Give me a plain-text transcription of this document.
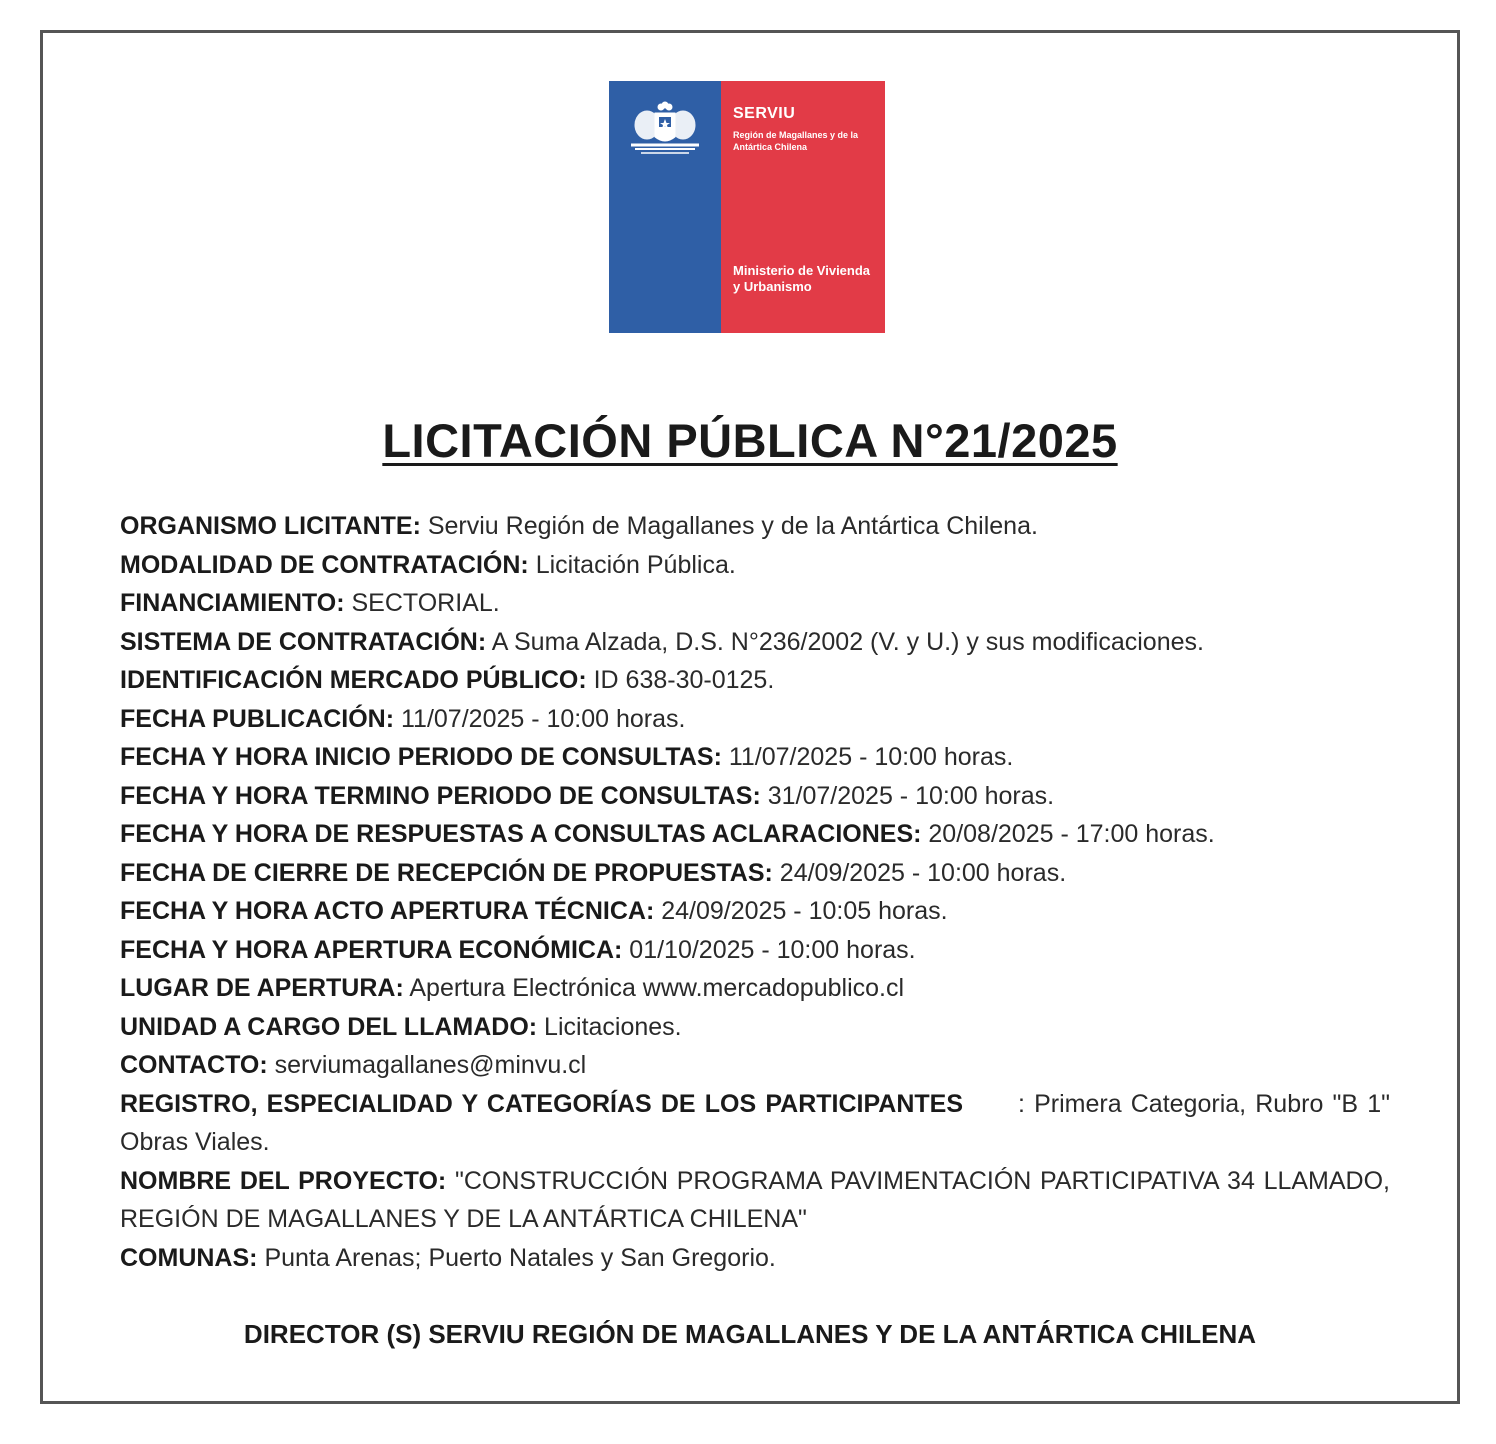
SERVIU
Región de Magallanes y de la Antártica Chilena
Ministerio de Vivienda y Urbanismo
LICITACIÓN PÚBLICA N°21/2025
ORGANISMO LICITANTE: Serviu Región de Magallanes y de la Antártica Chilena.
MODALIDAD DE CONTRATACIÓN: Licitación Pública.
FINANCIAMIENTO: SECTORIAL.
SISTEMA DE CONTRATACIÓN: A Suma Alzada, D.S. N°236/2002 (V. y U.) y sus modificaciones.
IDENTIFICACIÓN MERCADO PÚBLICO: ID 638-30-0125.
FECHA PUBLICACIÓN: 11/07/2025 - 10:00 horas.
FECHA Y HORA INICIO PERIODO DE CONSULTAS: 11/07/2025 - 10:00 horas.
FECHA Y HORA TERMINO PERIODO DE CONSULTAS: 31/07/2025 - 10:00 horas.
FECHA Y HORA DE RESPUESTAS A CONSULTAS ACLARACIONES: 20/08/2025 - 17:00 horas.
FECHA DE CIERRE DE RECEPCIÓN DE PROPUESTAS: 24/09/2025 - 10:00 horas.
FECHA Y HORA ACTO APERTURA TÉCNICA: 24/09/2025 - 10:05 horas.
FECHA Y HORA APERTURA ECONÓMICA: 01/10/2025 - 10:00 horas.
LUGAR DE APERTURA: Apertura Electrónica www.mercadopublico.cl
UNIDAD A CARGO DEL LLAMADO: Licitaciones.
CONTACTO: serviumagallanes@minvu.cl
REGISTRO, ESPECIALIDAD Y CATEGORÍAS DE LOS PARTICIPANTES      : Primera Categoria, Rubro "B 1" Obras Viales.
NOMBRE DEL PROYECTO: "CONSTRUCCIÓN PROGRAMA PAVIMENTACIÓN PARTICIPATIVA 34 LLAMADO, REGIÓN DE MAGALLANES Y DE LA ANTÁRTICA CHILENA"
COMUNAS: Punta Arenas; Puerto Natales y San Gregorio.
DIRECTOR (S) SERVIU REGIÓN DE MAGALLANES Y DE LA ANTÁRTICA CHILENA
